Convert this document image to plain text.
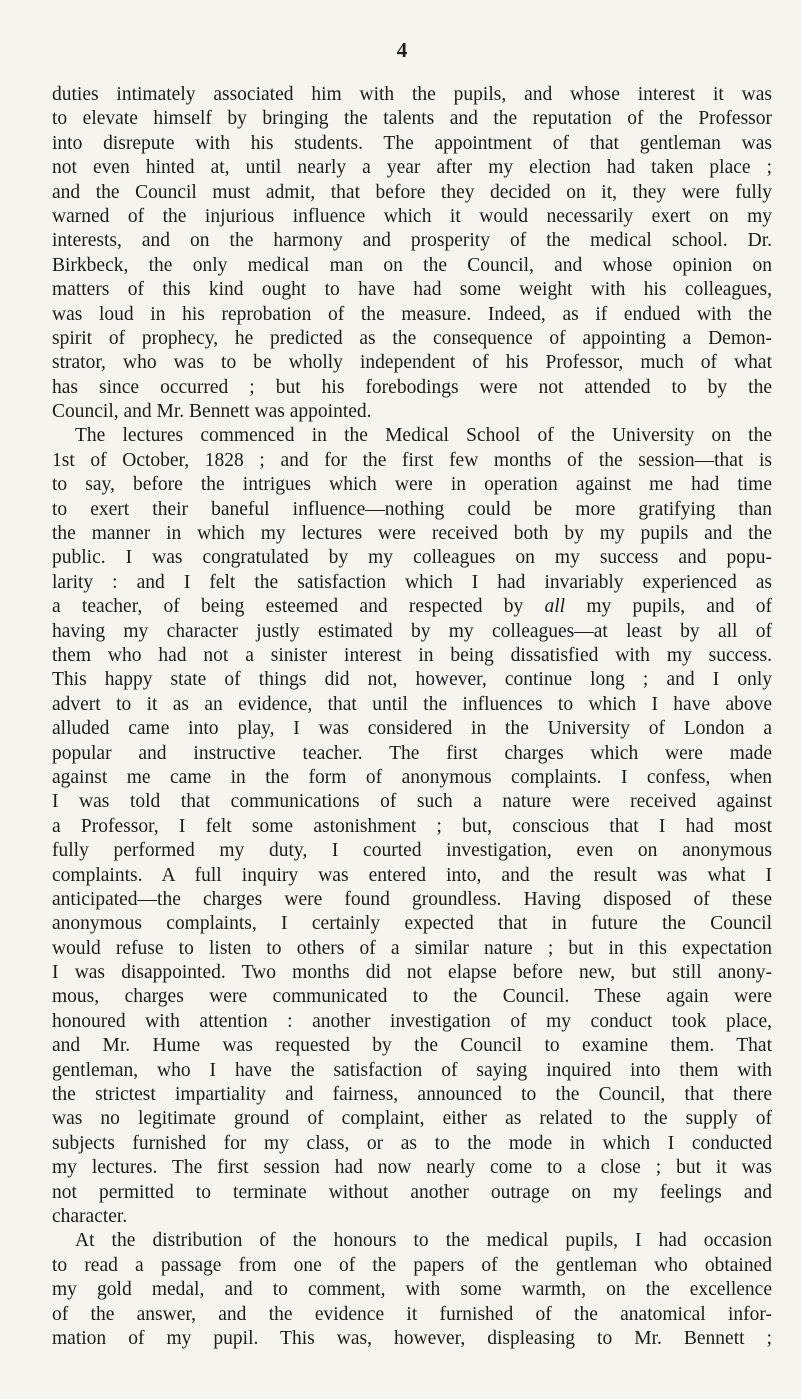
4
duties intimately associated him with the pupils, and whose interest it was
to elevate himself by bringing the talents and the reputation of the Professor
into disrepute with his students. The appointment of that gentleman was
not even hinted at, until nearly a year after my election had taken place ;
and the Council must admit, that before they decided on it, they were fully
warned of the injurious influence which it would necessarily exert on my
interests, and on the harmony and prosperity of the medical school. Dr.
Birkbeck, the only medical man on the Council, and whose opinion on
matters of this kind ought to have had some weight with his colleagues,
was loud in his reprobation of the measure. Indeed, as if endued with the
spirit of prophecy, he predicted as the consequence of appointing a Demon-
strator, who was to be wholly independent of his Professor, much of what
has since occurred ; but his forebodings were not attended to by the
Council, and Mr. Bennett was appointed.
The lectures commenced in the Medical School of the University on the
1st of October, 1828 ; and for the first few months of the session—that is
to say, before the intrigues which were in operation against me had time
to exert their baneful influence—nothing could be more gratifying than
the manner in which my lectures were received both by my pupils and the
public. I was congratulated by my colleagues on my success and popu-
larity : and I felt the satisfaction which I had invariably experienced as
a teacher, of being esteemed and respected by all my pupils, and of
having my character justly estimated by my colleagues—at least by all of
them who had not a sinister interest in being dissatisfied with my success.
This happy state of things did not, however, continue long ; and I only
advert to it as an evidence, that until the influences to which I have above
alluded came into play, I was considered in the University of London a
popular and instructive teacher. The first charges which were made
against me came in the form of anonymous complaints. I confess, when
I was told that communications of such a nature were received against
a Professor, I felt some astonishment ; but, conscious that I had most
fully performed my duty, I courted investigation, even on anonymous
complaints. A full inquiry was entered into, and the result was what I
anticipated—the charges were found groundless. Having disposed of these
anonymous complaints, I certainly expected that in future the Council
would refuse to listen to others of a similar nature ; but in this expectation
I was disappointed. Two months did not elapse before new, but still anony-
mous, charges were communicated to the Council. These again were
honoured with attention : another investigation of my conduct took place,
and Mr. Hume was requested by the Council to examine them. That
gentleman, who I have the satisfaction of saying inquired into them with
the strictest impartiality and fairness, announced to the Council, that there
was no legitimate ground of complaint, either as related to the supply of
subjects furnished for my class, or as to the mode in which I conducted
my lectures. The first session had now nearly come to a close ; but it was
not permitted to terminate without another outrage on my feelings and
character.
At the distribution of the honours to the medical pupils, I had occasion
to read a passage from one of the papers of the gentleman who obtained
my gold medal, and to comment, with some warmth, on the excellence
of the answer, and the evidence it furnished of the anatomical infor-
mation of my pupil. This was, however, displeasing to Mr. Bennett ;
